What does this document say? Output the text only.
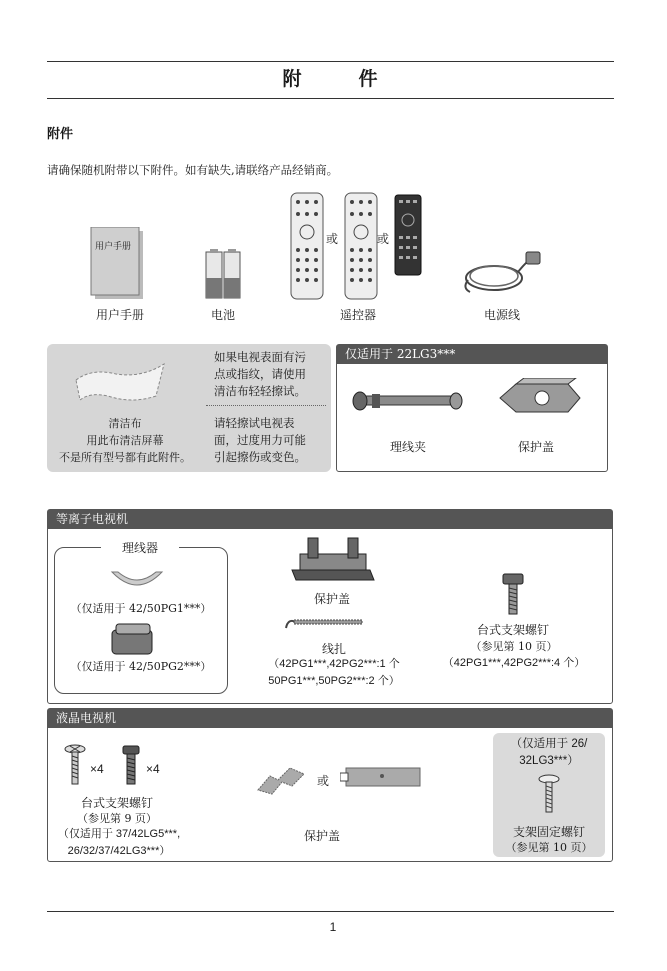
附	件
附件
请确保随机附带以下附件。如有缺失,请联络产品经销商。
用户手册
用户手册	电池
或	或
遥控器	电源线
清洁布
用此布清洁屏幕
不是所有型号都有此附件。
如果电视表面有污
点或指纹，请使用
清洁布轻轻擦试。
请轻擦试电视表
面，过度用力可能
引起擦伤或变色。
仅适用于 22LG3***
理线夹	保护盖
等离子电视机
理线器
（仅适用于 42/50PG1***）
（仅适用于 42/50PG2***）
保护盖
线扎
（42PG1***,42PG2***:1 个
50PG1***,50PG2***:2 个）
台式支架螺钉
（参见第 10 页）
（42PG1***,42PG2***:4 个）
液晶电视机
×4	×4
台式支架螺钉
（参见第 9 页）
（仅适用于 37/42LG5***,
26/32/37/42LG3***）
或
保护盖
（仅适用于 26/
32LG3***）
支架固定螺钉
（参见第 10 页）
1
